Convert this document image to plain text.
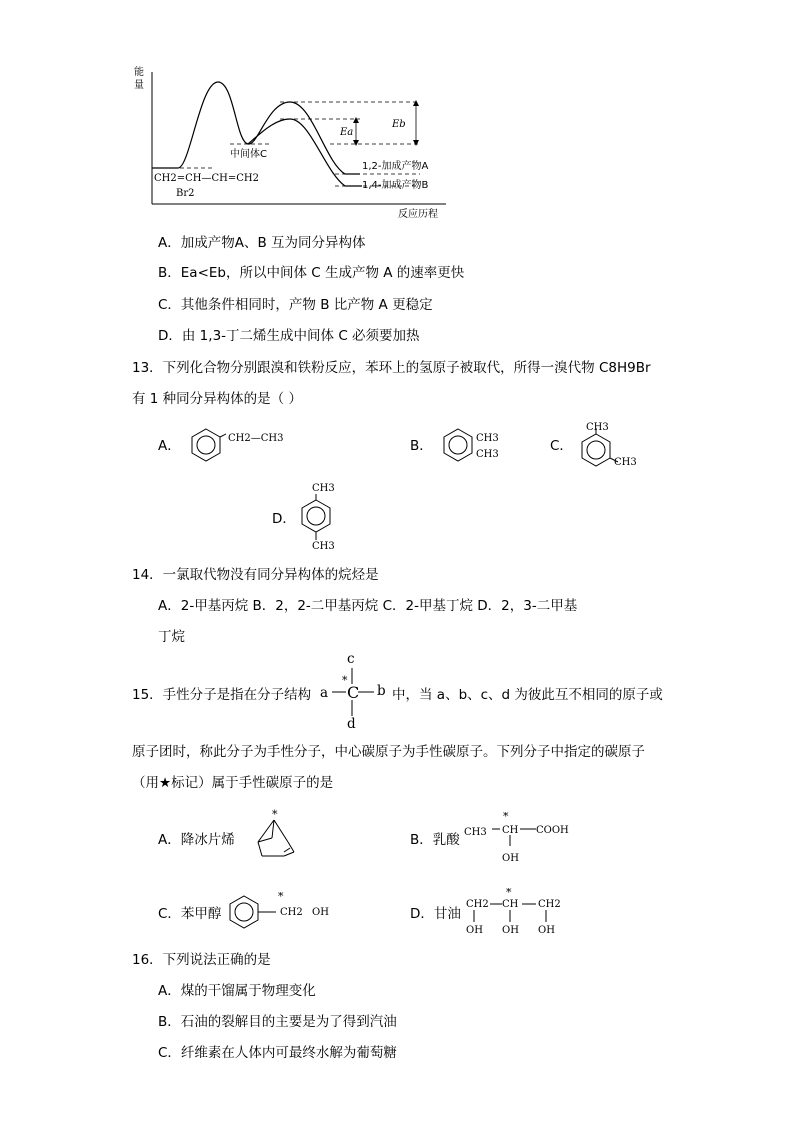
能量
反应历程
CH2=CH—CH=CH2
Br2
中间体C
Ea
Eb
1,2-加成产物A
1,4-加成产物B
A．加成产物A、B 互为同分异构体
B．Ea<Eb，所以中间体 C 生成产物 A 的速率更快
C．其他条件相同时，产物 B 比产物 A 更稳定
D．由 1,3-丁二烯生成中间体 C 必须要加热
13．下列化合物分别跟溴和铁粉反应，苯环上的氢原子被取代，所得一溴代物 C8H9Br
有 1 种同分异构体的是（ ）
A．	CH2—CH3	B．	CH3
CH3
C．
CH3
CH3
D．
CH3
CH3
14．一氯取代物没有同分异构体的烷烃是
A．2-甲基丙烷 B．2，2-二甲基丙烷 C．2-甲基丁烷 D．2，3-二甲基
丁烷
15．手性分子是指在分子结构
c
a
*
C b
d
中，当 a、b、c、d 为彼此互不相同的原子或
原子团时，称此分子为手性分子，中心碳原子为手性碳原子。下列分子中指定的碳原子
（用★标记）属于手性碳原子的是
A．降冰片烯
*
B．乳酸 CH3
*
CH COOH
OH
C．苯甲醇
*
CH2 OH	D．甘油
*
CH2 CH CH2
OH OH OH
16．下列说法正确的是
A．煤的干馏属于物理变化
B．石油的裂解目的主要是为了得到汽油
C．纤维素在人体内可最终水解为葡萄糖
